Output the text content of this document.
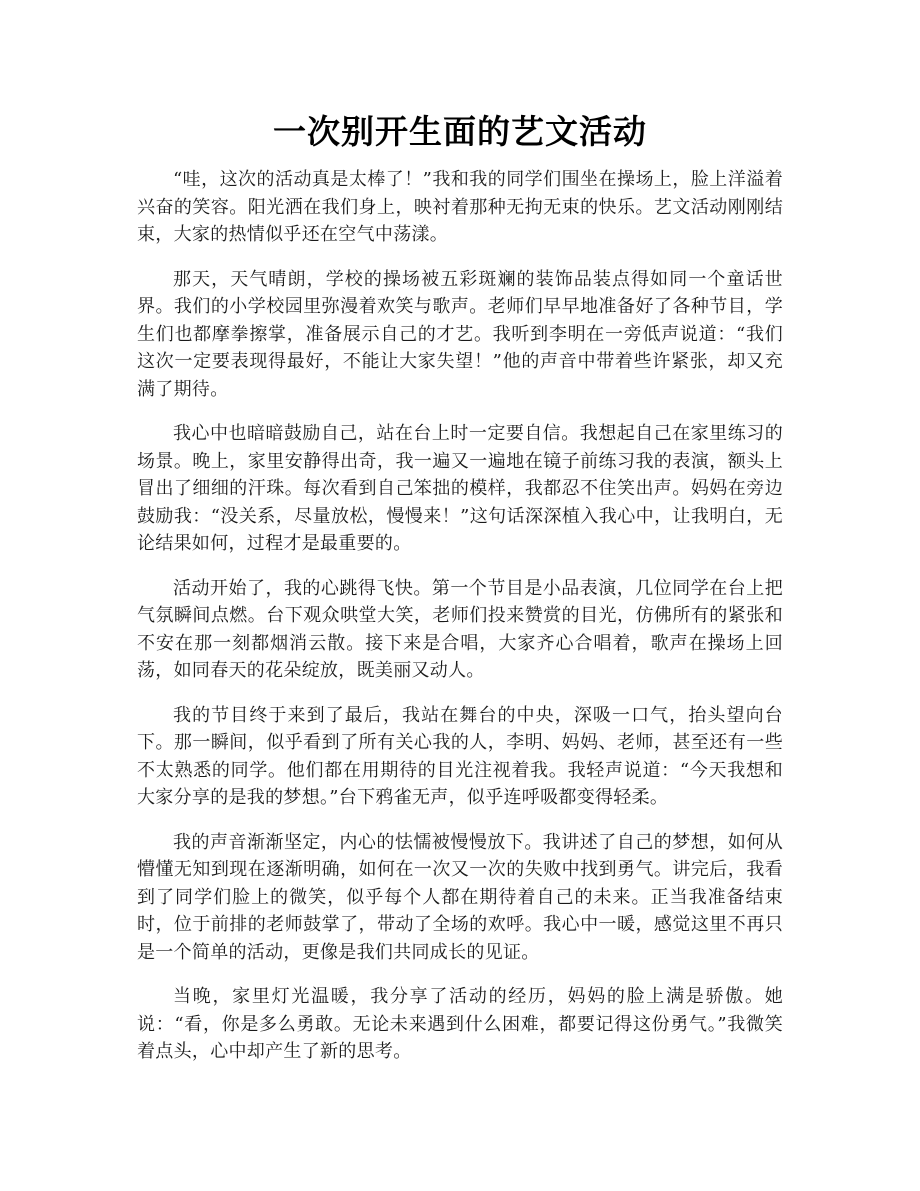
一次别开生面的艺文活动

“哇，这次的活动真是太棒了！”我和我的同学们围坐在操场上，脸上洋溢着兴奋的笑容。阳光洒在我们身上，映衬着那种无拘无束的快乐。艺文活动刚刚结束，大家的热情似乎还在空气中荡漾。

那天，天气晴朗，学校的操场被五彩斑斓的装饰品装点得如同一个童话世界。我们的小学校园里弥漫着欢笑与歌声。老师们早早地准备好了各种节目，学生们也都摩拳擦掌，准备展示自己的才艺。我听到李明在一旁低声说道：“我们这次一定要表现得最好，不能让大家失望！”他的声音中带着些许紧张，却又充满了期待。

我心中也暗暗鼓励自己，站在台上时一定要自信。我想起自己在家里练习的场景。晚上，家里安静得出奇，我一遍又一遍地在镜子前练习我的表演，额头上冒出了细细的汗珠。每次看到自己笨拙的模样，我都忍不住笑出声。妈妈在旁边鼓励我：“没关系，尽量放松，慢慢来！”这句话深深植入我心中，让我明白，无论结果如何，过程才是最重要的。

活动开始了，我的心跳得飞快。第一个节目是小品表演，几位同学在台上把气氛瞬间点燃。台下观众哄堂大笑，老师们投来赞赏的目光，仿佛所有的紧张和不安在那一刻都烟消云散。接下来是合唱，大家齐心合唱着，歌声在操场上回荡，如同春天的花朵绽放，既美丽又动人。

我的节目终于来到了最后，我站在舞台的中央，深吸一口气，抬头望向台下。那一瞬间，似乎看到了所有关心我的人，李明、妈妈、老师，甚至还有一些不太熟悉的同学。他们都在用期待的目光注视着我。我轻声说道：“今天我想和大家分享的是我的梦想。”台下鸦雀无声，似乎连呼吸都变得轻柔。

我的声音渐渐坚定，内心的怯懦被慢慢放下。我讲述了自己的梦想，如何从懵懂无知到现在逐渐明确，如何在一次又一次的失败中找到勇气。讲完后，我看到了同学们脸上的微笑，似乎每个人都在期待着自己的未来。正当我准备结束时，位于前排的老师鼓掌了，带动了全场的欢呼。我心中一暖，感觉这里不再只是一个简单的活动，更像是我们共同成长的见证。

当晚，家里灯光温暖，我分享了活动的经历，妈妈的脸上满是骄傲。她说：“看，你是多么勇敢。无论未来遇到什么困难，都要记得这份勇气。”我微笑着点头，心中却产生了新的思考。
